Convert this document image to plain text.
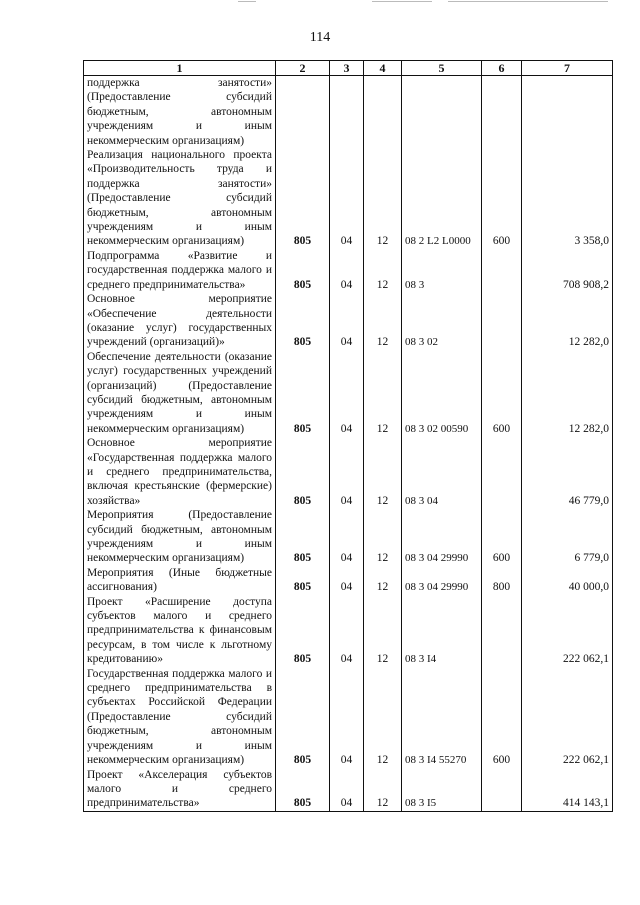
114
1	2	3	4	5	6	7
поддержка занятости» (Предоставление субсидий бюджетным, автономным учреждениям и иным некоммерческим организациям)						
Реализация национального проекта «Производительность труда и поддержка занятости» (Предоставление субсидий бюджетным, автономным учреждениям и иным некоммерческим организациям)	805	04	12	08 2 L2 L0000	600	3 358,0
Подпрограмма «Развитие и государственная поддержка малого и среднего предпринимательства»	805	04	12	08 3		708 908,2
Основное мероприятие «Обеспечение деятельности (оказание услуг) государственных учреждений (организаций)»	805	04	12	08 3 02		12 282,0
Обеспечение деятельности (оказание услуг) государственных учреждений (организаций) (Предоставление субсидий бюджетным, автономным учреждениям и иным некоммерческим организациям)	805	04	12	08 3 02 00590	600	12 282,0
Основное мероприятие «Государственная поддержка малого и среднего предпринимательства, включая крестьянские (фермерские) хозяйства»	805	04	12	08 3 04		46 779,0
Мероприятия (Предоставление субсидий бюджетным, автономным учреждениям и иным некоммерческим организациям)	805	04	12	08 3 04 29990	600	6 779,0
Мероприятия (Иные бюджетные ассигнования)	805	04	12	08 3 04 29990	800	40 000,0
Проект «Расширение доступа субъектов малого и среднего предпринимательства к финансовым ресурсам, в том числе к льготному кредитованию»	805	04	12	08 3 I4		222 062,1
Государственная поддержка малого и среднего предпринимательства в субъектах Российской Федерации (Предоставление субсидий бюджетным, автономным учреждениям и иным некоммерческим организациям)	805	04	12	08 3 I4 55270	600	222 062,1
Проект «Акселерация субъектов малого и среднего предпринимательства»	805	04	12	08 3 I5		414 143,1
